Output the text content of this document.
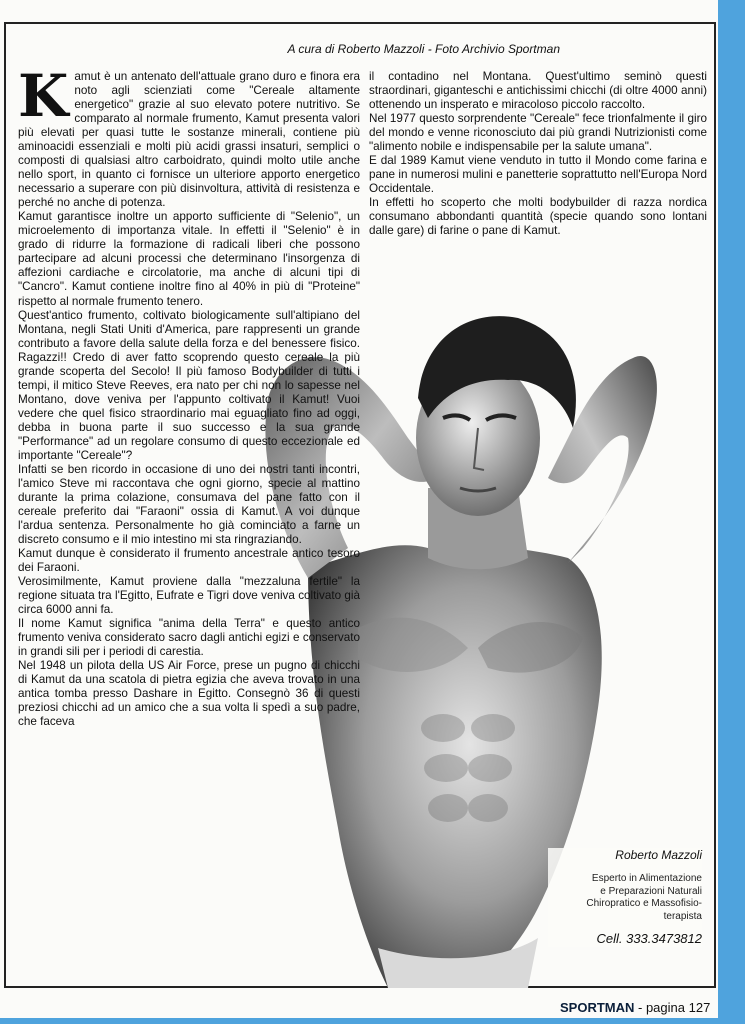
A cura di Roberto Mazzoli - Foto Archivio Sportman
K amut è un antenato dell'attuale grano duro e finora era noto agli scienziati come "Cereale altamente energetico" grazie al suo elevato potere nutritivo. Se comparato al normale frumento, Kamut presenta valori più elevati per quasi tutte le sostanze minerali, contiene più aminoacidi essenziali e molti più acidi grassi insaturi, semplici o composti di qualsiasi altro carboidrato, quindi molto utile anche nello sport, in quanto ci fornisce un ulteriore apporto energetico necessario a superare con più disinvoltura, attività di resistenza e perché no anche di potenza.

Kamut garantisce inoltre un apporto sufficiente di "Selenio", un microelemento di importanza vitale. In effetti il "Selenio" è in grado di ridurre la formazione di radicali liberi che possono partecipare ad alcuni processi che determinano l'insorgenza di affezioni cardiache e circolatorie, ma anche di alcuni tipi di "Cancro". Kamut contiene inoltre fino al 40% in più di "Proteine" rispetto al normale frumento tenero.

Quest'antico frumento, coltivato biologicamente sull'altipiano del Montana, negli Stati Uniti d'America, pare rappresenti un grande contributo a favore della salute della forza e del benessere fisico. Ragazzi!! Credo di aver fatto scoprendo questo cereale la più grande scoperta del Secolo! Il più famoso Bodybuilder di tutti i tempi, il mitico Steve Reeves, era nato per chi non lo sapesse nel Montano, dove veniva per l'appunto coltivato il Kamut! Vuoi vedere che quel fisico straordinario mai eguagliato fino ad oggi, debba in buona parte il suo successo e la sua grande "Performance" ad un regolare consumo di questo eccezionale ed importante "Cereale"?

Infatti se ben ricordo in occasione di uno dei nostri tanti incontri, l'amico Steve mi raccontava che ogni giorno, specie al mattino durante la prima colazione, consumava del pane fatto con il cereale preferito dai "Faraoni" ossia di Kamut. A voi dunque l'ardua sentenza. Personalmente ho già cominciato a farne un discreto consumo e il mio intestino mi sta ringraziando.

Kamut dunque è considerato il frumento ancestrale antico tesoro dei Faraoni.

Verosimilmente, Kamut proviene dalla "mezzaluna fertile" la regione situata tra l'Egitto, Eufrate e Tigri dove veniva coltivato già circa 6000 anni fa.

Il nome Kamut significa "anima della Terra" e questo antico frumento veniva considerato sacro dagli antichi egizi e conservato in grandi sili per i periodi di carestia.

Nel 1948 un pilota della US Air Force, prese un pugno di chicchi di Kamut da una scatola di pietra egizia che aveva trovato in una antica tomba presso Dashare in Egitto. Consegnò 36 di questi preziosi chicchi ad un amico che a sua volta li spedì a suo padre, che faceva

il contadino nel Montana. Quest'ultimo seminò questi straordinari, giganteschi e antichissimi chicchi (di oltre 4000 anni) ottenendo un insperato e miracoloso piccolo raccolto.

Nel 1977 questo sorprendente "Cereale" fece trionfalmente il giro del mondo e venne riconosciuto dai più grandi Nutrizionisti come "alimento nobile e indispensabile per la salute umana".

E dal 1989 Kamut viene venduto in tutto il Mondo come farina e pane in numerosi mulini e panetterie soprattutto nell'Europa Nord Occidentale.

In effetti ho scoperto che molti bodybuilder di razza nordica consumano abbondanti quantità (specie quando sono lontani dalle gare) di farine o pane di Kamut.

Roberto Mazzoli
Esperto in Alimentazione
e Preparazioni Naturali
Chiropratico e Massofisio-
terapista
Cell. 333.3473812
SPORTMAN - pagina 127
